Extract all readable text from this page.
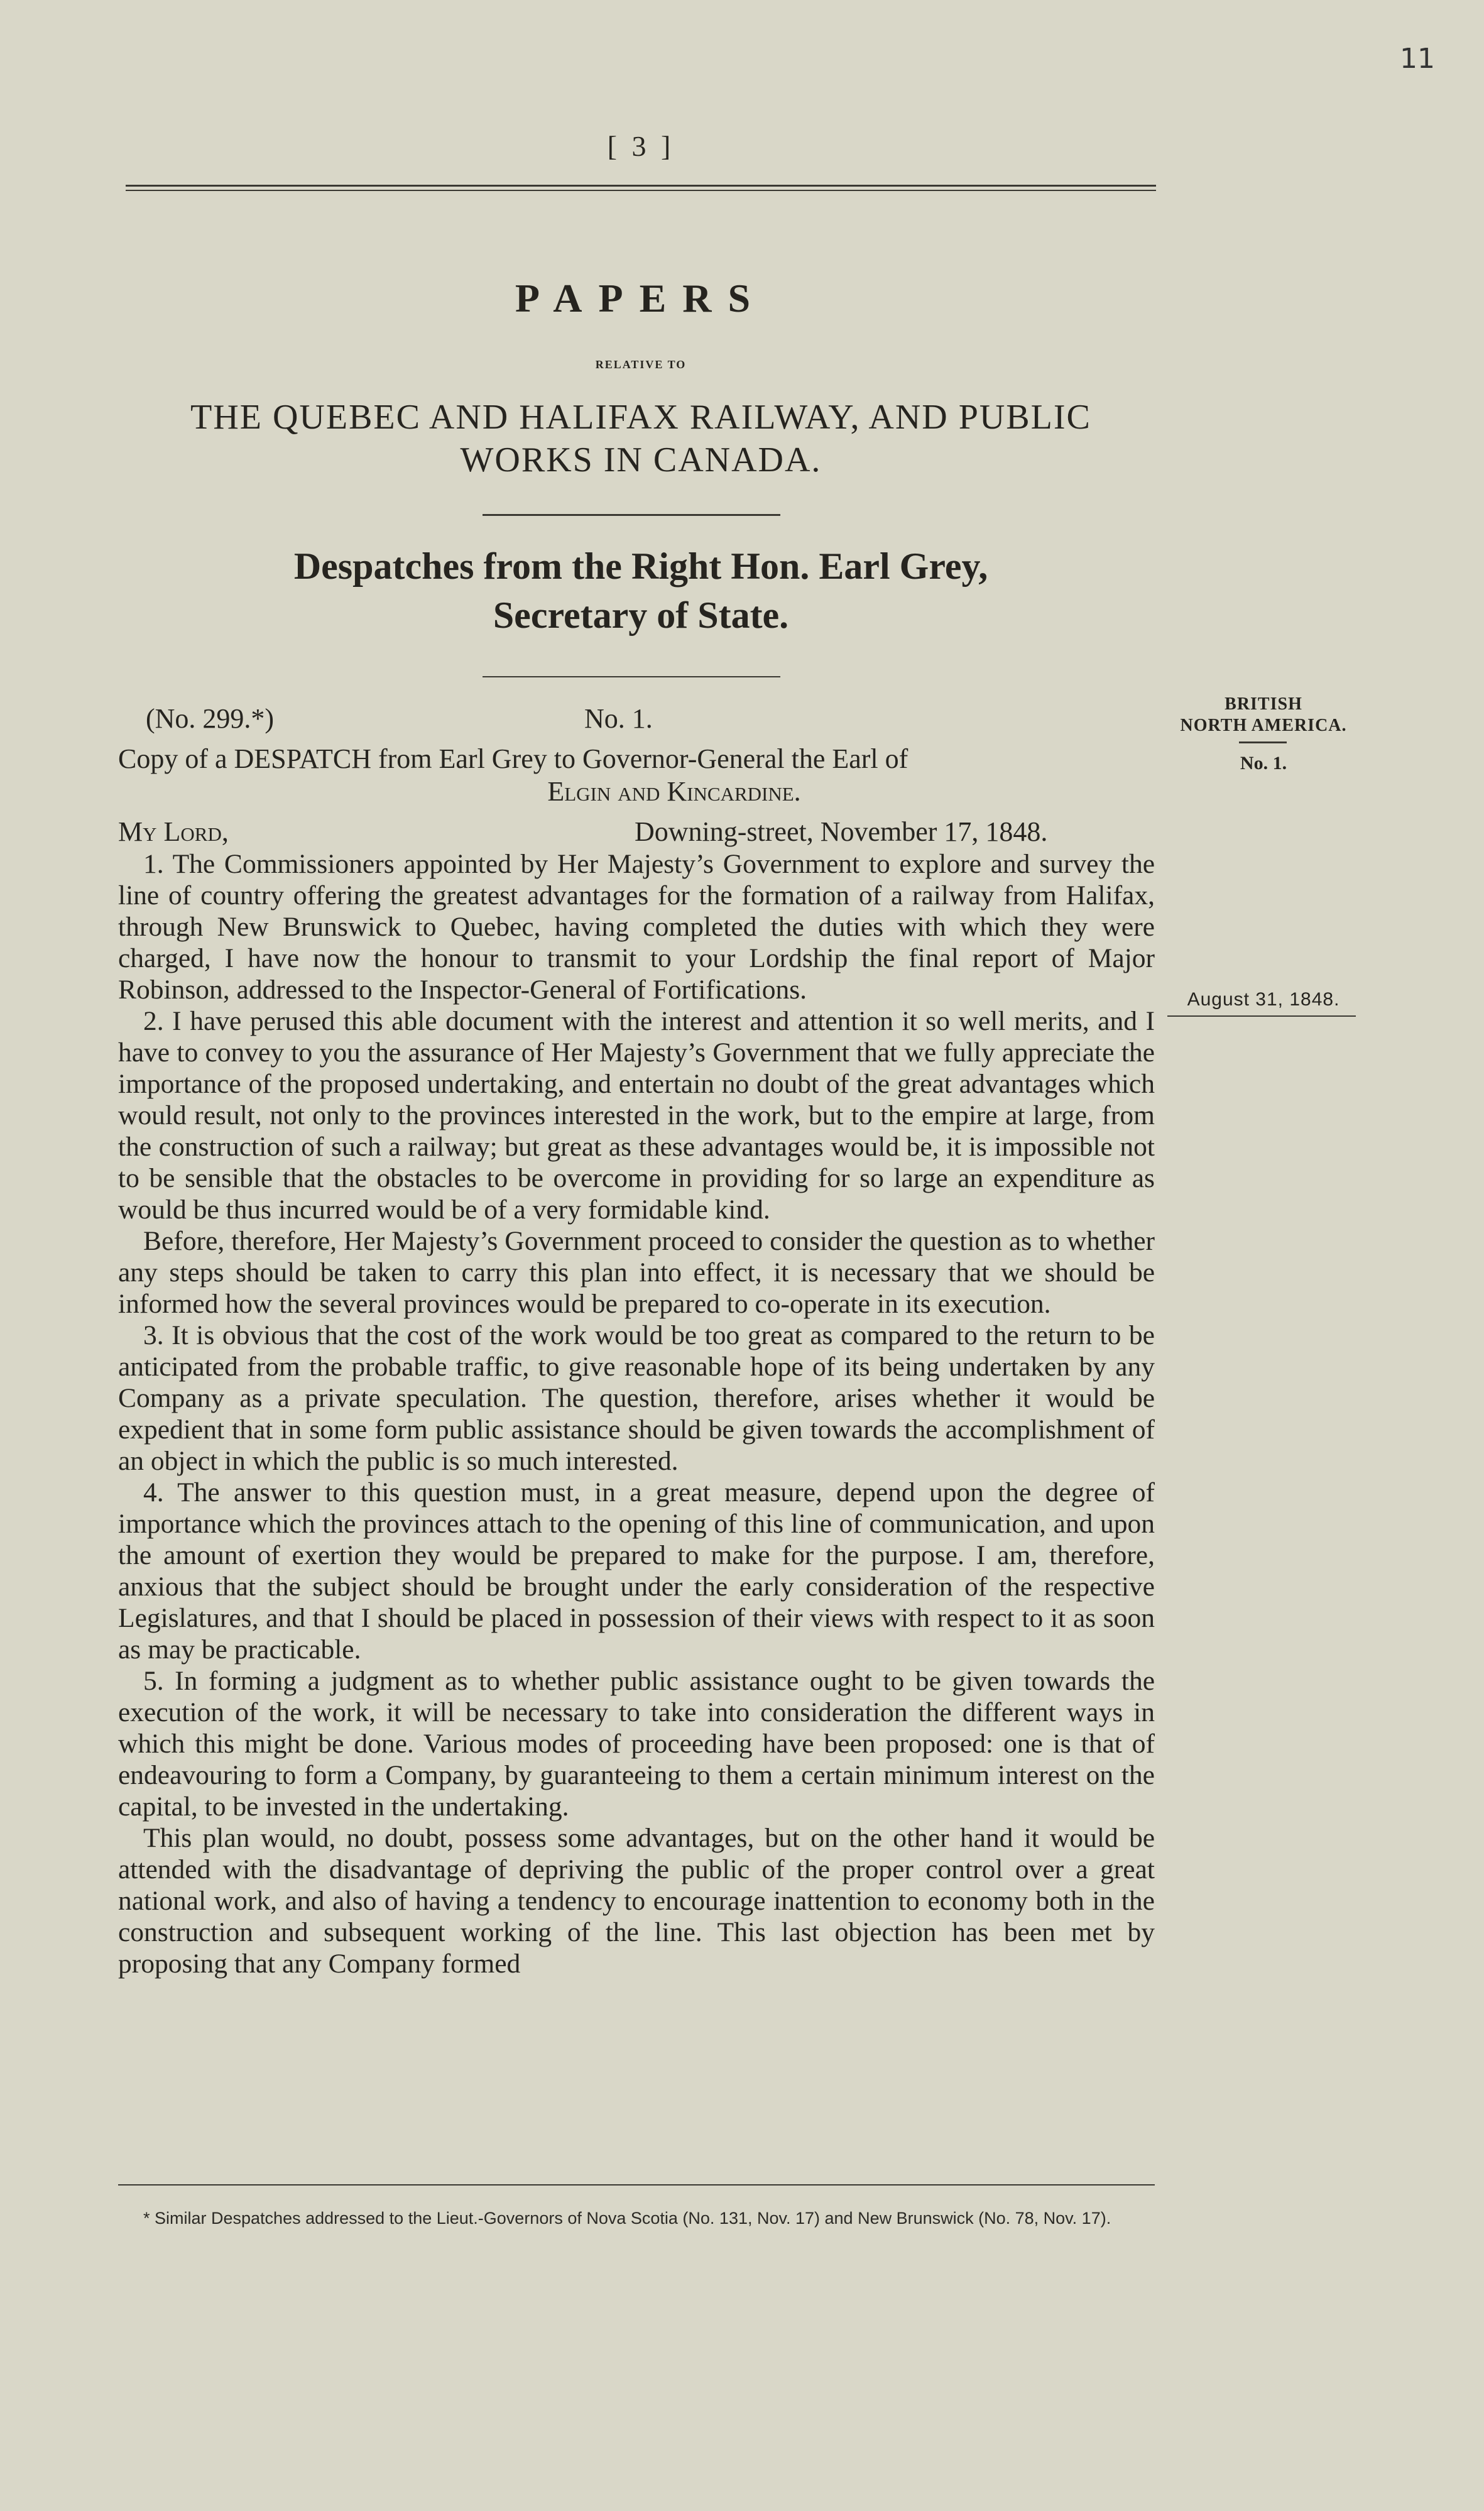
11
[ 3 ]
PAPERS
RELATIVE TO
THE QUEBEC AND HALIFAX RAILWAY, AND PUBLIC
WORKS IN CANADA.
Despatches from the Right Hon. Earl Grey,
Secretary of State.
(No. 299.*)	No. 1.
Copy of a DESPATCH from Earl Grey to Governor-General the Earl of
Elgin and Kincardine.
My Lord,	Downing-street, November 17, 1848.

1. The Commissioners appointed by Her Majesty’s Government to explore and survey the line of country offering the greatest advantages for the formation of a railway from Halifax, through New Brunswick to Quebec, having completed the duties with which they were charged, I have now the honour to transmit to your Lordship the final report of Major Robinson, addressed to the Inspector-General of Fortifications.

2. I have perused this able document with the interest and attention it so well merits, and I have to convey to you the assurance of Her Majesty’s Government that we fully appreciate the importance of the proposed undertaking, and entertain no doubt of the great advantages which would result, not only to the provinces interested in the work, but to the empire at large, from the construction of such a railway; but great as these advantages would be, it is impossible not to be sensible that the obstacles to be overcome in providing for so large an expenditure as would be thus incurred would be of a very formidable kind.

Before, therefore, Her Majesty’s Government proceed to consider the question as to whether any steps should be taken to carry this plan into effect, it is necessary that we should be informed how the several provinces would be prepared to co-operate in its execution.

3. It is obvious that the cost of the work would be too great as compared to the return to be anticipated from the probable traffic, to give reasonable hope of its being undertaken by any Company as a private speculation. The question, therefore, arises whether it would be expedient that in some form public assistance should be given towards the accomplishment of an object in which the public is so much interested.

4. The answer to this question must, in a great measure, depend upon the degree of importance which the provinces attach to the opening of this line of communication, and upon the amount of exertion they would be prepared to make for the purpose. I am, therefore, anxious that the subject should be brought under the early consideration of the respective Legislatures, and that I should be placed in possession of their views with respect to it as soon as may be practicable.

5. In forming a judgment as to whether public assistance ought to be given towards the execution of the work, it will be necessary to take into consideration the different ways in which this might be done. Various modes of proceeding have been proposed: one is that of endeavouring to form a Company, by guaranteeing to them a certain minimum interest on the capital, to be invested in the undertaking.

This plan would, no doubt, possess some advantages, but on the other hand it would be attended with the disadvantage of depriving the public of the proper control over a great national work, and also of having a tendency to encourage inattention to economy both in the construction and subsequent working of the line. This last objection has been met by proposing that any Company formed

* Similar Despatches addressed to the Lieut.-Governors of Nova Scotia (No. 131, Nov. 17) and New Brunswick (No. 78, Nov. 17).
BRITISH
NORTH AMERICA.
No. 1.
August 31, 1848.
